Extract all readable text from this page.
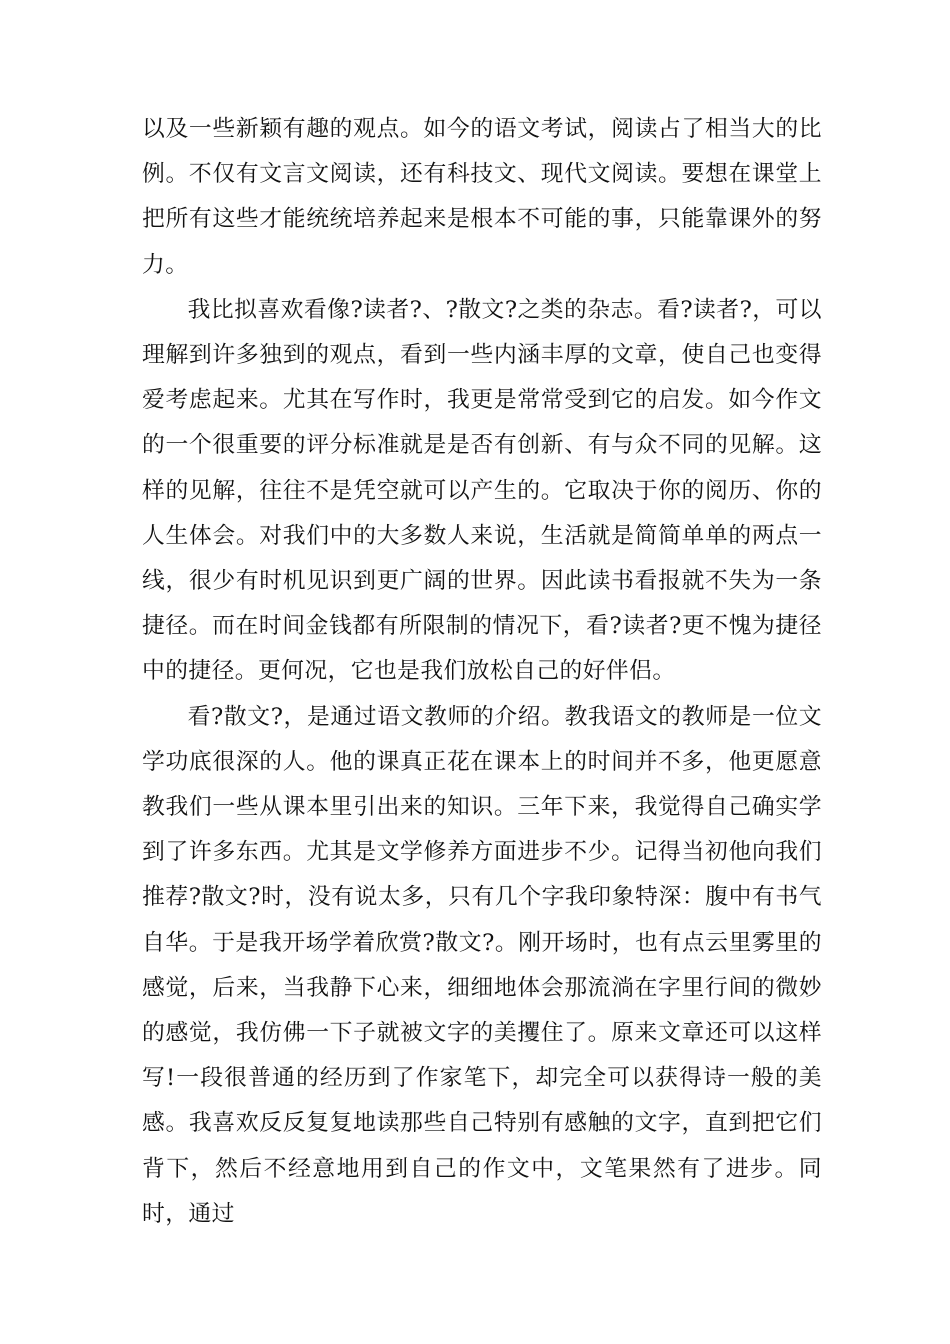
以及一些新颖有趣的观点。如今的语文考试，阅读占了相当大的比例。不仅有文言文阅读，还有科技文、现代文阅读。要想在课堂上把所有这些才能统统培养起来是根本不可能的事，只能靠课外的努力。

我比拟喜欢看像?读者?、?散文?之类的杂志。看?读者?，可以理解到许多独到的观点，看到一些内涵丰厚的文章，使自己也变得爱考虑起来。尤其在写作时，我更是常常受到它的启发。如今作文的一个很重要的评分标准就是是否有创新、有与众不同的见解。这样的见解，往往不是凭空就可以产生的。它取决于你的阅历、你的人生体会。对我们中的大多数人来说，生活就是简简单单的两点一线，很少有时机见识到更广阔的世界。因此读书看报就不失为一条捷径。而在时间金钱都有所限制的情况下，看?读者?更不愧为捷径中的捷径。更何况，它也是我们放松自己的好伴侣。

看?散文?，是通过语文教师的介绍。教我语文的教师是一位文学功底很深的人。他的课真正花在课本上的时间并不多，他更愿意教我们一些从课本里引出来的知识。三年下来，我觉得自己确实学到了许多东西。尤其是文学修养方面进步不少。记得当初他向我们推荐?散文?时，没有说太多，只有几个字我印象特深：腹中有书气自华。于是我开场学着欣赏?散文?。刚开场时，也有点云里雾里的感觉，后来，当我静下心来，细细地体会那流淌在字里行间的微妙的感觉，我仿佛一下子就被文字的美攫住了。原来文章还可以这样写!一段很普通的经历到了作家笔下，却完全可以获得诗一般的美感。我喜欢反反复复地读那些自己特别有感触的文字，直到把它们背下，然后不经意地用到自己的作文中，文笔果然有了进步。同时，通过
